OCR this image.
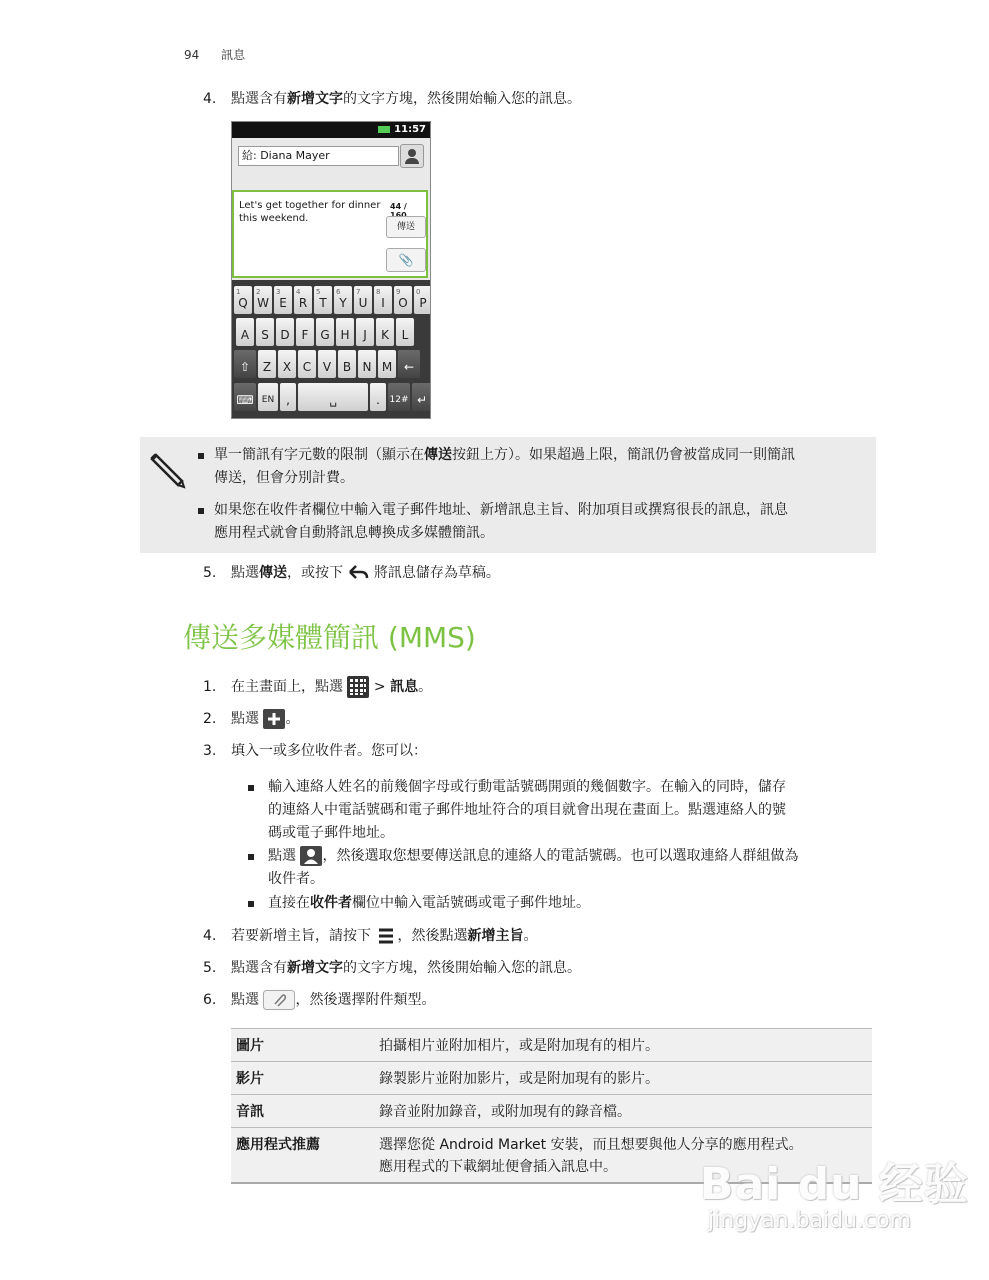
94 訊息
4. 點選含有新增文字的文字方塊，然後開始輸入您的訊息。
11:57
給: Diana Mayer
Let's get together for dinner this weekend.
44 /
傳送
📎
1
Q
2
W
3
E
4
R
5
T
6
Y
7
U
8
I
9
O
0
P
A	S D F G H	J	K	L
⇧	Z X C V B N M ←
⌨ EN ,	␣	.	12# ↵
單一簡訊有字元數的限制（顯示在傳送按鈕上方）。如果超過上限，簡訊仍會被當成同一則簡訊
傳送，但會分別計費。
如果您在收件者欄位中輸入電子郵件地址、新增訊息主旨、附加項目或撰寫很長的訊息，訊息
應用程式就會自動將訊息轉換成多媒體簡訊。
5. 點選傳送，或按下 將訊息儲存為草稿。
傳送多媒體簡訊 (MMS)
1. 在主畫面上，點選 > 訊息。
2. 點選 。
3. 填入一或多位收件者。您可以：
輸入連絡人姓名的前幾個字母或行動電話號碼開頭的幾個數字。在輸入的同時，儲存
的連絡人中電話號碼和電子郵件地址符合的項目就會出現在畫面上。點選連絡人的號
碼或電子郵件地址。
點選 ，然後選取您想要傳送訊息的連絡人的電話號碼。也可以選取連絡人群組做為
收件者。
直接在收件者欄位中輸入電話號碼或電子郵件地址。
4. 若要新增主旨，請按下 ，然後點選新增主旨。
5. 點選含有新增文字的文字方塊，然後開始輸入您的訊息。
6. 點選	，然後選擇附件類型。
圖片	拍攝相片並附加相片，或是附加現有的相片。
影片	錄製影片並附加影片，或是附加現有的影片。
音訊	錄音並附加錄音，或附加現有的錄音檔。
應用程式推薦	選擇您從 Android Market 安裝，而且想要與他人分享的應用程式。
應用程式的下載網址便會插入訊息中。 Bai du 经验
jingyan.baidu.com
